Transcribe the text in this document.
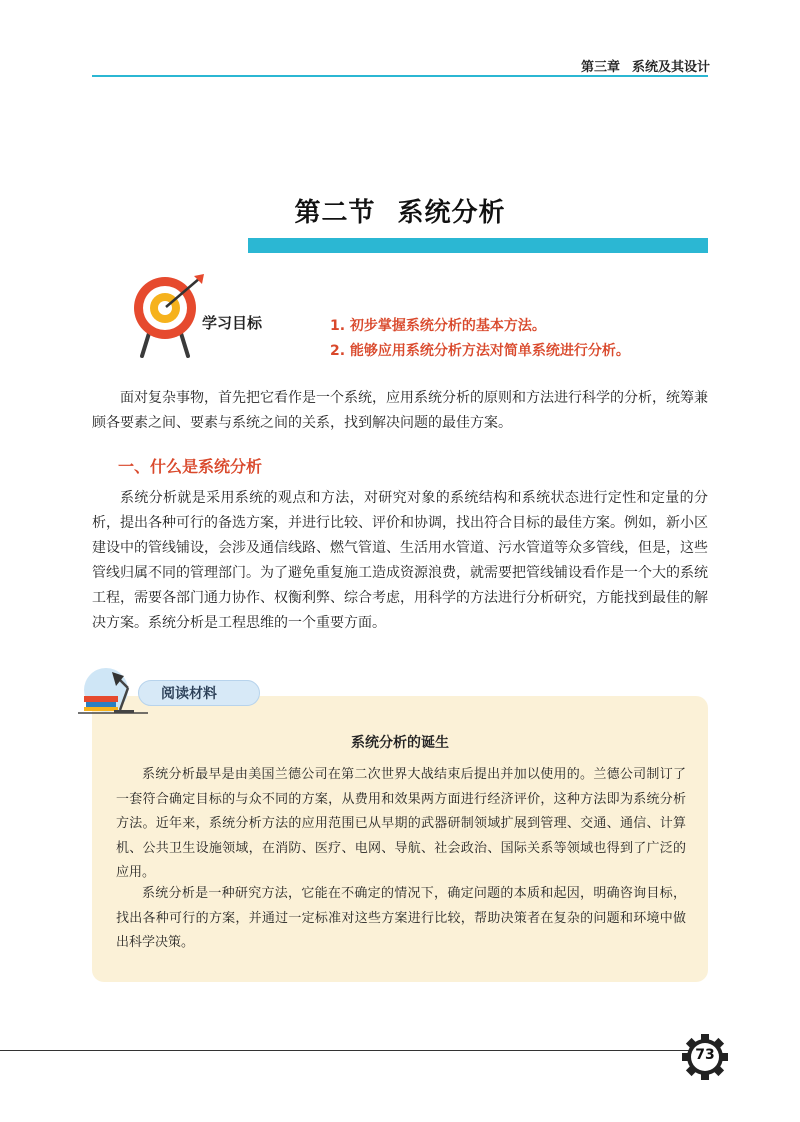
第三章 系统及其设计
第二节 系统分析
学习目标	1. 初步掌握系统分析的基本方法。
2. 能够应用系统分析方法对简单系统进行分析。

面对复杂事物，首先把它看作是一个系统，应用系统分析的原则和方法进行科学的分析，统筹兼顾各要素之间、要素与系统之间的关系，找到解决问题的最佳方案。

一、什么是系统分析

系统分析就是采用系统的观点和方法，对研究对象的系统结构和系统状态进行定性和定量的分析，提出各种可行的备选方案，并进行比较、评价和协调，找出符合目标的最佳方案。例如，新小区建设中的管线铺设，会涉及通信线路、燃气管道、生活用水管道、污水管道等众多管线，但是，这些管线归属不同的管理部门。为了避免重复施工造成资源浪费，就需要把管线铺设看作是一个大的系统工程，需要各部门通力协作、权衡利弊、综合考虑，用科学的方法进行分析研究，方能找到最佳的解决方案。系统分析是工程思维的一个重要方面。

阅读材料
系统分析的诞生

系统分析最早是由美国兰德公司在第二次世界大战结束后提出并加以使用的。兰德公司制订了一套符合确定目标的与众不同的方案，从费用和效果两方面进行经济评价，这种方法即为系统分析方法。近年来，系统分析方法的应用范围已从早期的武器研制领域扩展到管理、交通、通信、计算机、公共卫生设施领域，在消防、医疗、电网、导航、社会政治、国际关系等领域也得到了广泛的应用。

系统分析是一种研究方法，它能在不确定的情况下，确定问题的本质和起因，明确咨询目标，找出各种可行的方案，并通过一定标准对这些方案进行比较，帮助决策者在复杂的问题和环境中做出科学决策。

73
